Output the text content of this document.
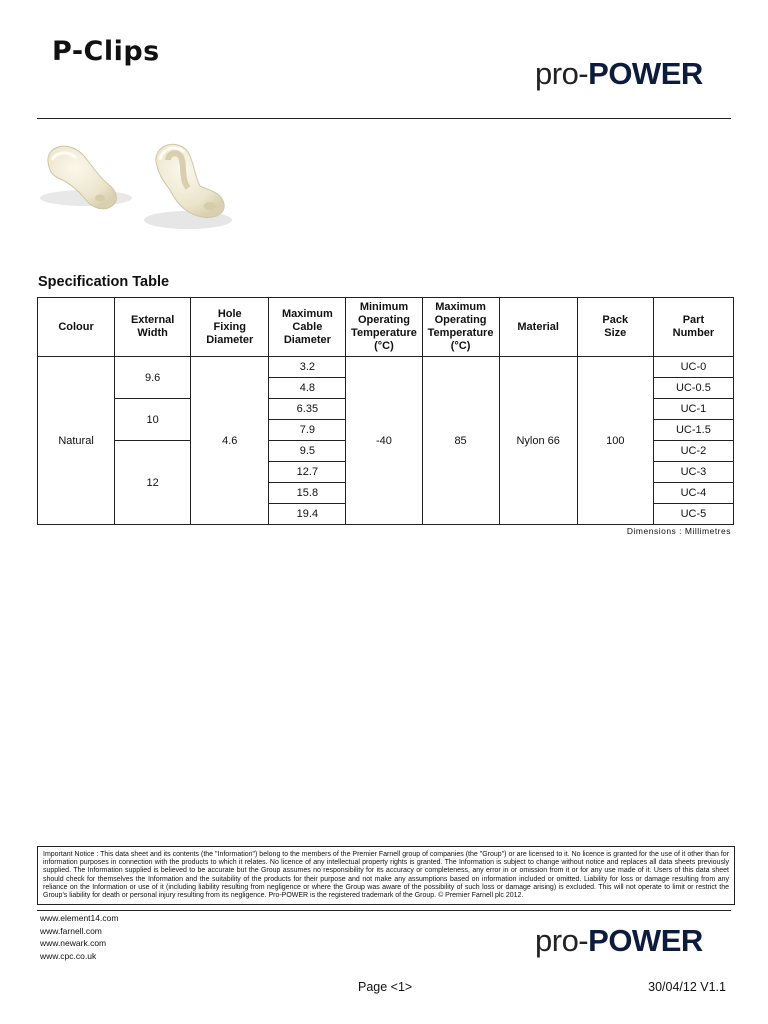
P-Clips
pro-POWER
Specification Table
Colour	External Width	Hole Fixing Diameter	Maximum Cable Diameter	Minimum Operating Temperature (°C)	Maximum Operating Temperature (°C)	Material	Pack Size	Part Number
Natural	9.6	4.6	3.2	-40	85	Nylon 66	100	UC-0
			4.8					UC-0.5
	10		6.35					UC-1
			7.9					UC-1.5
	12		9.5					UC-2
			12.7					UC-3
			15.8					UC-4
			19.4					UC-5
Dimensions : Millimetres
Important Notice : This data sheet and its contents (the "Information") belong to the members of the Premier Farnell group of companies (the "Group") or are licensed to it. No licence is granted for the use of it other than for information purposes in connection with the products to which it relates. No licence of any intellectual property rights is granted. The Information is subject to change without notice and replaces all data sheets previously supplied. The Information supplied is believed to be accurate but the Group assumes no responsibility for its accuracy or completeness, any error in or omission from it or for any use made of it. Users of this data sheet should check for themselves the Information and the suitability of the products for their purpose and not make any assumptions based on information included or omitted. Liability for loss or damage resulting from any reliance on the Information or use of it (including liability resulting from negligence or where the Group was aware of the possibility of such loss or damage arising) is excluded. This will not operate to limit or restrict the Group's liability for death or personal injury resulting from its negligence. Pro-POWER is the registered trademark of the Group. © Premier Farnell plc 2012.
www.element14.com
www.farnell.com
www.newark.com
www.cpc.co.uk	pro-POWER
Page <1>	30/04/12 V1.1
